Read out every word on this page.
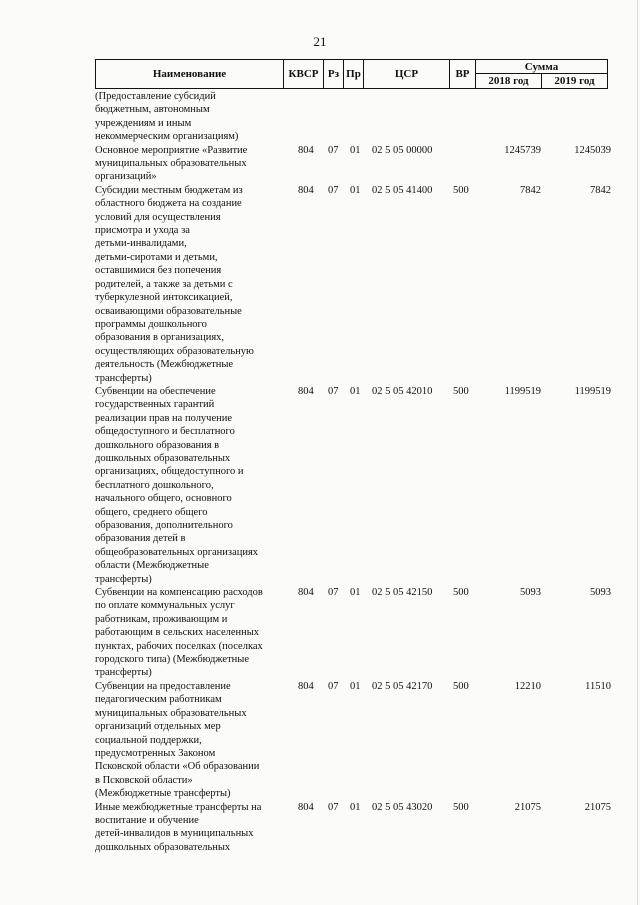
21
Наименование	КВСР Рз Пр	ЦСР	ВР
Сумма
2018 год	2019 год
(Предоставление субсидий
бюджетным, автономным
учреждениям и иным
некоммерческим организациям)
Основное мероприятие «Развитие
муниципальных образовательных
организаций»
804 07 01 02 5 05 00000	1245739	1245039
Субсидии местным бюджетам из
областного бюджета на создание
условий для осуществления
присмотра и ухода за
детьми-инвалидами,
детьми-сиротами и детьми,
оставшимися без попечения
родителей, а также за детьми с
туберкулезной интоксикацией,
осваивающими образовательные
программы дошкольного
образования в организациях,
осуществляющих образовательную
деятельность (Межбюджетные
трансферты)
804 07 01 02 5 05 41400 500	7842	7842
Субвенции на обеспечение
государственных гарантий
реализации прав на получение
общедоступного и бесплатного
дошкольного образования в
дошкольных образовательных
организациях, общедоступного и
бесплатного дошкольного,
начального общего, основного
общего, среднего общего
образования, дополнительного
образования детей в
общеобразовательных организациях
области (Межбюджетные
трансферты)
804 07 01 02 5 05 42010 500	1199519	1199519
Субвенции на компенсацию расходов
по оплате коммунальных услуг
работникам, проживающим и
работающим в сельских населенных
пунктах, рабочих поселках (поселках
городского типа) (Межбюджетные
трансферты)
804 07 01 02 5 05 42150 500	5093	5093
Субвенции на предоставление
педагогическим работникам
муниципальных образовательных
организаций отдельных мер
социальной поддержки,
предусмотренных Законом
Псковской области «Об образовании
в Псковской области»
(Межбюджетные трансферты)
804 07 01 02 5 05 42170 500	12210	11510
Иные межбюджетные трансферты на
воспитание и обучение
детей-инвалидов в муниципальных
дошкольных образовательных
804 07 01 02 5 05 43020 500	21075	21075
